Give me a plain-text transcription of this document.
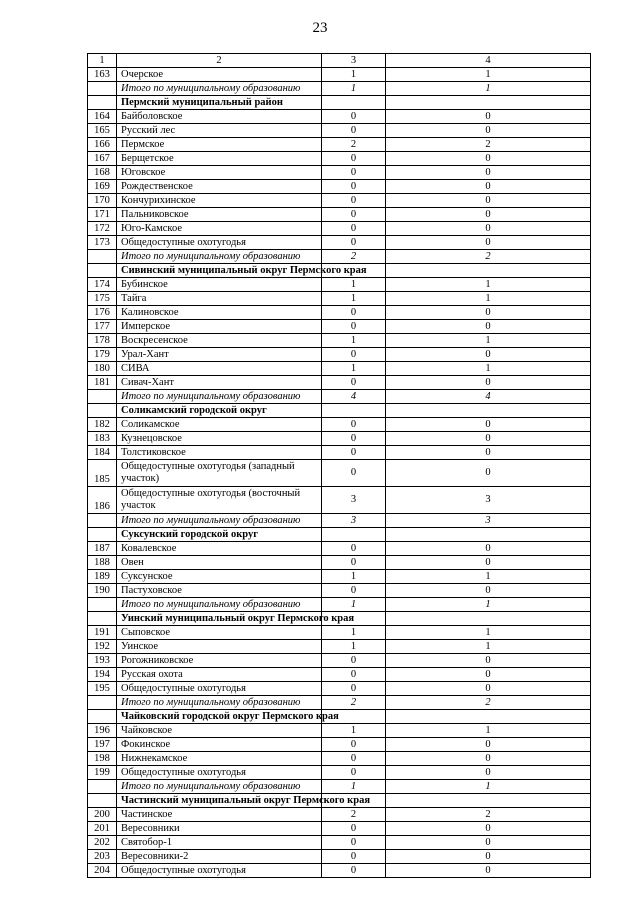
23
1	2	3	4
163	Очерское	1	1
	Итого по муниципальному образованию	1	1
	Пермский муниципальный район		
164	Байболовское	0	0
165	Русский лес	0	0
166	Пермское	2	2
167	Берщетское	0	0
168	Юговское	0	0
169	Рождественское	0	0
170	Кончурихинское	0	0
171	Пальниковское	0	0
172	Юго-Камское	0	0
173	Общедоступные охотугодья	0	0
	Итого по муниципальному образованию	2	2
	Сивинский муниципальный округ Пермского края		
174	Бубинское	1	1
175	Тайга	1	1
176	Калиновское	0	0
177	Имперское	0	0
178	Воскресенское	1	1
179	Урал-Хант	0	0
180	СИВА	1	1
181	Сивач-Хант	0	0
	Итого по муниципальному образованию	4	4
	Соликамский городской округ		
182	Соликамское	0	0
183	Кузнецовское	0	0
184	Толстиковское	0	0
185	Общедоступные охотугодья (западный участок)	0	0
186	Общедоступные охотугодья (восточный участок	3	3
	Итого по муниципальному образованию	3	3
	Суксунский городской округ		
187	Ковалевское	0	0
188	Овен	0	0
189	Суксунское	1	1
190	Пастуховское	0	0
	Итого по муниципальному образованию	1	1
	Уинский муниципальный округ Пермского края		
191	Сыповское	1	1
192	Уинское	1	1
193	Рогожниковское	0	0
194	Русская охота	0	0
195	Общедоступные охотугодья	0	0
	Итого по муниципальному образованию	2	2
	Чайковский городской округ Пермского края		
196	Чайковское	1	1
197	Фокинское	0	0
198	Нижнекамское	0	0
199	Общедоступные охотугодья	0	0
	Итого по муниципальному образованию	1	1
	Частинский муниципальный округ Пермского края		
200	Частинское	2	2
201	Вересовники	0	0
202	Святобор-1	0	0
203	Вересовники-2	0	0
204	Общедоступные охотугодья	0	0
